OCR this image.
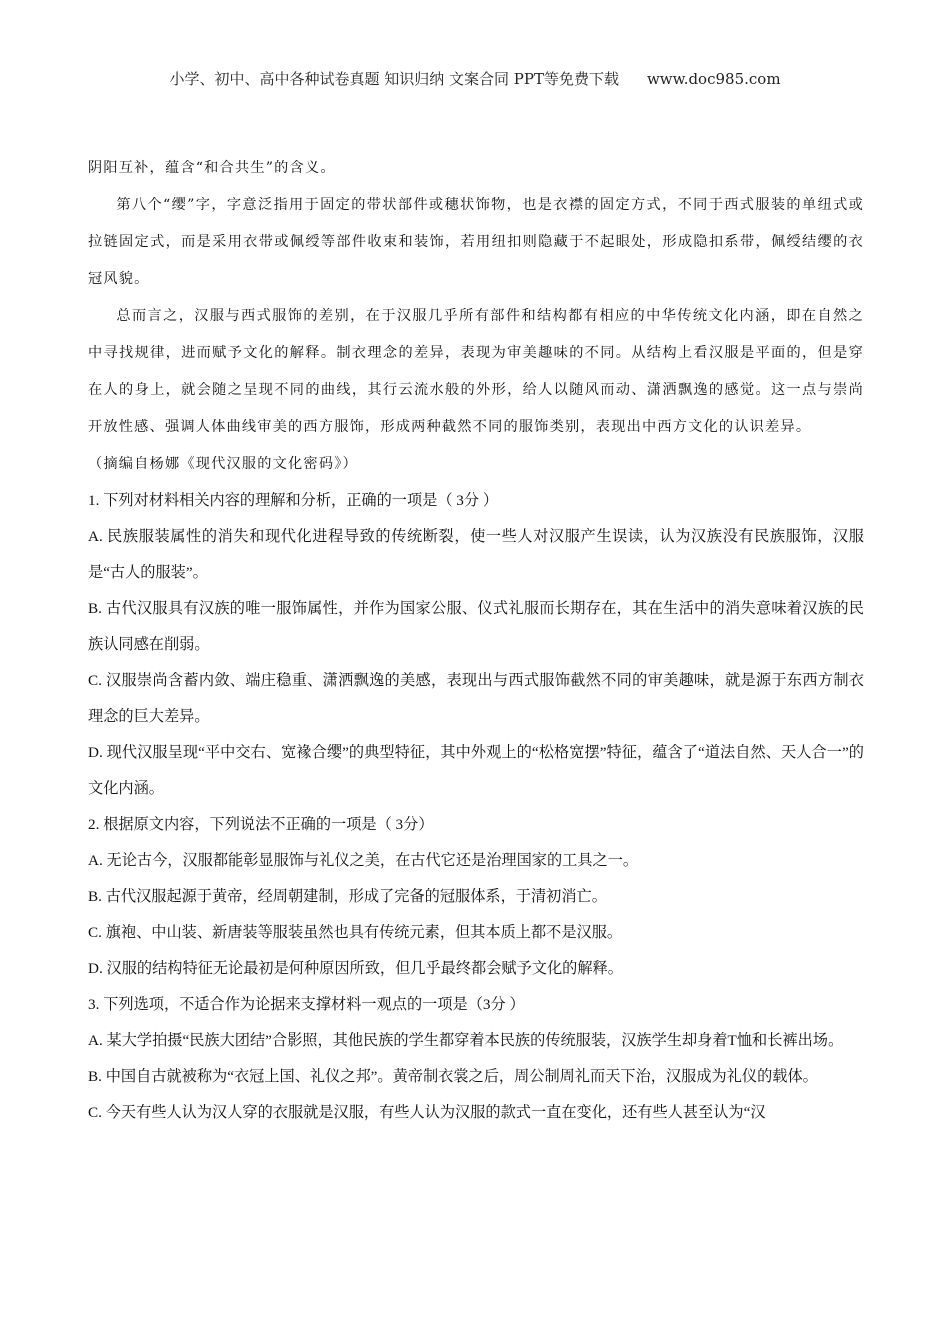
小学、初中、高中各种试卷真题 知识归纳 文案合同 PPT等免费下载 www.doc985.com

阴阳互补，蕴含“和合共生”的含义。

第八个“缨”字，字意泛指用于固定的带状部件或穗状饰物，也是衣襟的固定方式，不同于西式服装的单纽式或拉链固定式，而是采用衣带或佩绶等部件收束和装饰，若用纽扣则隐藏于不起眼处，形成隐扣系带，佩绶结缨的衣冠风貌。

总而言之，汉服与西式服饰的差别，在于汉服几乎所有部件和结构都有相应的中华传统文化内涵，即在自然之中寻找规律，进而赋予文化的解释。制衣理念的差异，表现为审美趣味的不同。从结构上看汉服是平面的，但是穿在人的身上，就会随之呈现不同的曲线，其行云流水般的外形，给人以随风而动、潇洒飘逸的感觉。这一点与崇尚开放性感、强调人体曲线审美的西方服饰，形成两种截然不同的服饰类别，表现出中西方文化的认识差异。

（摘编自杨娜《现代汉服的文化密码》）

1. 下列对材料相关内容的理解和分析，正确的一项是（ 3分 ）

A. 民族服装属性的消失和现代化进程导致的传统断裂，使一些人对汉服产生误读，认为汉族没有民族服饰，汉服是“古人的服装”。

B. 古代汉服具有汉族的唯一服饰属性，并作为国家公服、仪式礼服而长期存在，其在生活中的消失意味着汉族的民族认同感在削弱。

C. 汉服崇尚含蓄内敛、端庄稳重、潇洒飘逸的美感，表现出与西式服饰截然不同的审美趣味，就是源于东西方制衣理念的巨大差异。

D. 现代汉服呈现“平中交右、宽褖合缨”的典型特征，其中外观上的“松格宽摆”特征，蕴含了“道法自然、天人合一”的文化内涵。

2. 根据原文内容，下列说法不正确的一项是（ 3分）

A. 无论古今，汉服都能彰显服饰与礼仪之美，在古代它还是治理国家的工具之一。

B. 古代汉服起源于黄帝，经周朝建制，形成了完备的冠服体系，于清初消亡。

C. 旗袍、中山装、新唐装等服装虽然也具有传统元素，但其本质上都不是汉服。

D. 汉服的结构特征无论最初是何种原因所致，但几乎最终都会赋予文化的解释。

3. 下列选项，不适合作为论据来支撑材料一观点的一项是（3分 ）

A. 某大学拍摄“民族大团结”合影照，其他民族的学生都穿着本民族的传统服装，汉族学生却身着T恤和长裤出场。

B. 中国自古就被称为“衣冠上国、礼仪之邦”。黄帝制衣裳之后，周公制周礼而天下治，汉服成为礼仪的载体。

C. 今天有些人认为汉人穿的衣服就是汉服，有些人认为汉服的款式一直在变化，还有些人甚至认为“汉
